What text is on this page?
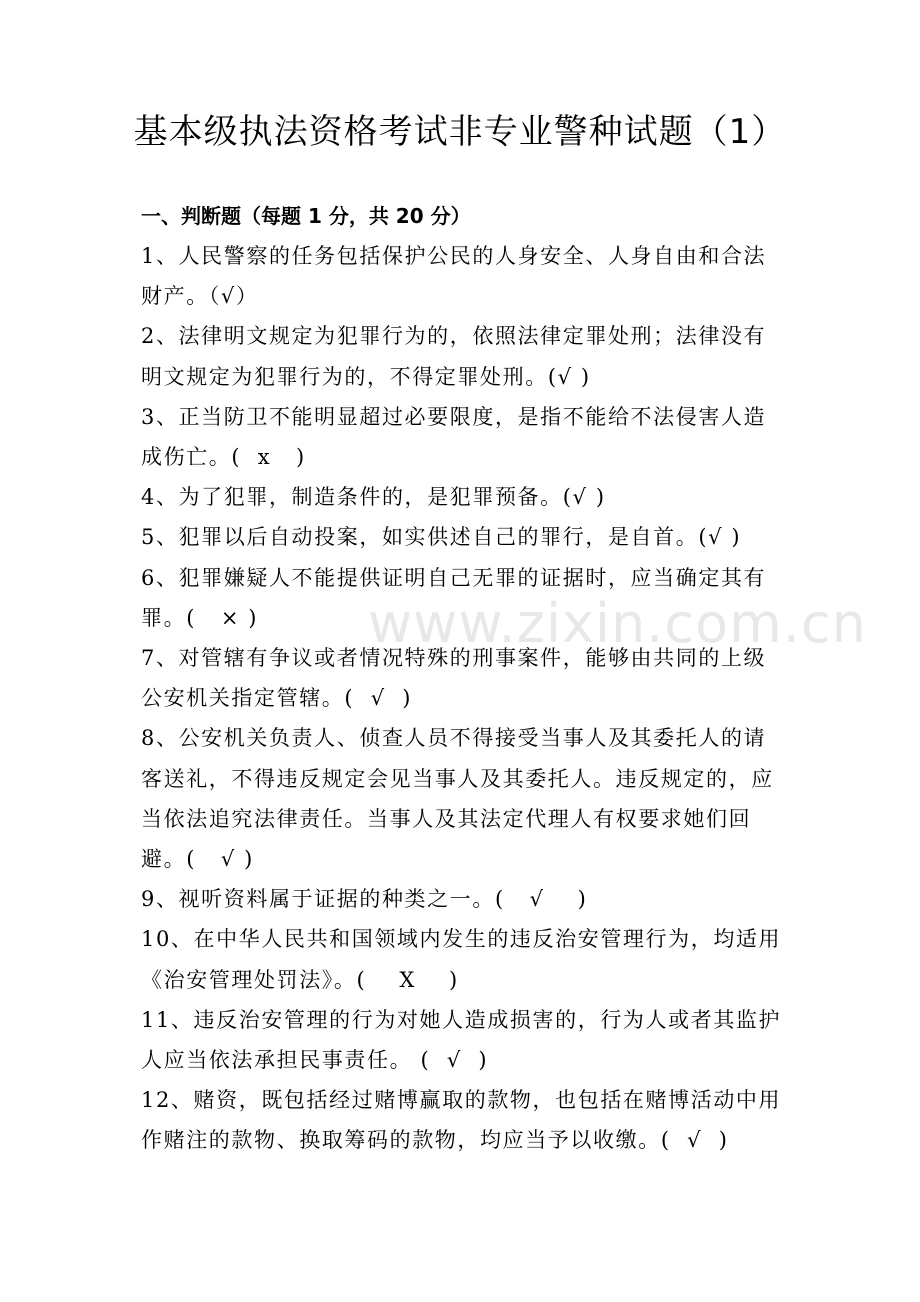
基本级执法资格考试非专业警种试题（1）
一、判断题（每题 1 分，共 20 分）

1、人民警察的任务包括保护公民的人身安全、人身自由和合法财产。（√）

2、法律明文规定为犯罪行为的，依照法律定罪处刑；法律没有明文规定为犯罪行为的，不得定罪处刑。(√ )

3、正当防卫不能明显超过必要限度，是指不能给不法侵害人造成伤亡。(  x   )

4、为了犯罪，制造条件的，是犯罪预备。(√ )

5、犯罪以后自动投案，如实供述自己的罪行，是自首。(√ )

6、犯罪嫌疑人不能提供证明自己无罪的证据时，应当确定其有罪。(   × )

7、对管辖有争议或者情况特殊的刑事案件，能够由共同的上级公安机关指定管辖。(  √  )

8、公安机关负责人、侦查人员不得接受当事人及其委托人的请客送礼，不得违反规定会见当事人及其委托人。违反规定的，应当依法追究法律责任。当事人及其法定代理人有权要求她们回避。(   √ )

9、视听资料属于证据的种类之一。(   √    )

10、在中华人民共和国领域内发生的违反治安管理行为，均适用《治安管理处罚法》。(    X    )

11、违反治安管理的行为对她人造成损害的，行为人或者其监护人应当依法承担民事责任。 (  √  )

12、赌资，既包括经过赌博赢取的款物，也包括在赌博活动中用作赌注的款物、换取筹码的款物，均应当予以收缴。(  √  )

www.zixin.com.cn
